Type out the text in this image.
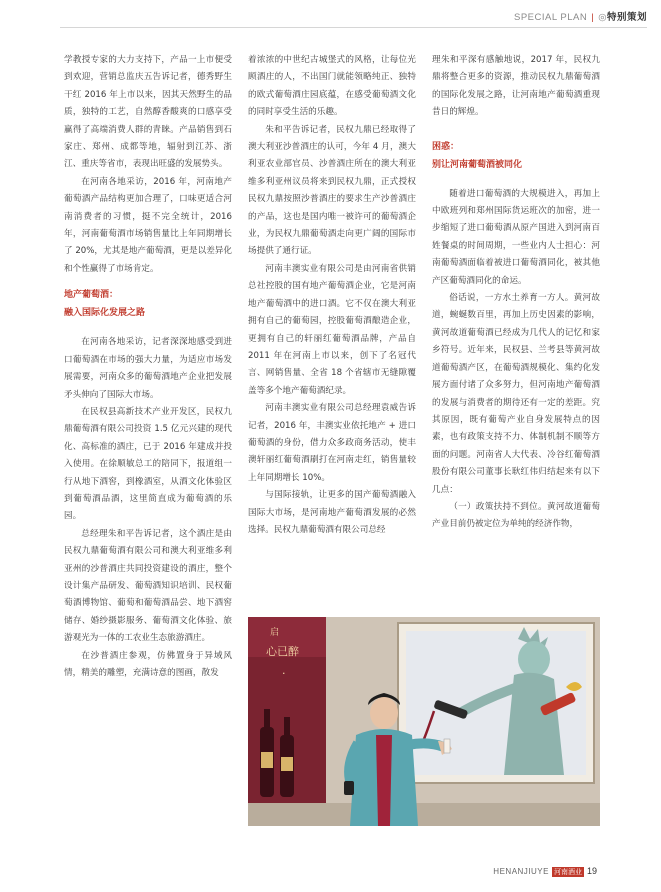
SPECIAL PLAN | ◎特别策划

学教授专家的大力支持下，产品一上市便受到欢迎，营销总监庆五告诉记者，德秀野生干红 2016 年上市以来，因其天然野生的品质，独特的工艺，自然醇香酸爽的口感享受赢得了高端消费人群的青睐。产品销售到石家庄、郑州、成都等地，辐射到江苏、浙江、重庆等省市，表现出旺盛的发展势头。

在河南各地采访，2016 年，河南地产葡萄酒产品结构更加合理了，口味更适合河南消费者的习惯，挺不完全统计，2016 年，河南葡萄酒市场销售量比上年同期增长了 20%，尤其是地产葡萄酒，更是以差异化和个性赢得了市场肯定。

地产葡萄酒：
融入国际化发展之路

在河南各地采访，记者深深地感受到进口葡萄酒在市场的强大力量，为适应市场发展需要，河南众多的葡萄酒地产企业把发展矛头伸向了国际大市场。

在民权县高新技术产业开发区，民权九鼎葡萄酒有限公司投资 1.5 亿元兴建的现代化、高标准的酒庄，已于 2016 年建成并投入使用。在徐顺敏总工的陪同下，报道组一行从地下酒窖，到橡酒室，从酒文化体验区到葡萄酒品酒，这里简直成为葡萄酒的乐园。

总经理朱和平告诉记者，这个酒庄是由民权九鼎葡萄酒有限公司和澳大利亚维多利亚州的沙普酒庄共同投资建设的酒庄，整个设计集产品研发、葡萄酒知识培训、民权葡萄酒博物馆、葡萄和葡萄酒品尝、地下酒窖储存、婚纱摄影服务、葡萄酒文化体验、旅游观光为一体的工农业生态旅游酒庄。

在沙普酒庄参观，仿佛置身于异域风情，精美的雕塑，充满诗意的图画，散发

着浓浓的中世纪古城堡式的风格，让每位光顾酒庄的人，不出国门就能领略纯正、独特的欧式葡萄酒庄园底蕴，在感受葡萄酒文化的同时享受生活的乐趣。

朱和平告诉记者，民权九鼎已经取得了澳大利亚沙普酒庄的认可，今年 4 月，澳大利亚农业部官员、沙普酒庄所在的澳大利亚维多利亚州议员将来到民权九鼎，正式授权民权九鼎按照沙普酒庄的要求生产沙普酒庄的产品，这也是国内唯一被许可的葡萄酒企业，为民权九鼎葡萄酒走向更广阔的国际市场提供了通行证。

河南丰澳实业有限公司是由河南省供销总社控股的国有地产葡萄酒企业，它是河南地产葡萄酒中的进口酒。它不仅在澳大利亚拥有自己的葡萄园，控股葡萄酒酿造企业，更拥有自己的轩丽红葡萄酒品牌，产品自 2011 年在河南上市以来，创下了名冠代言、网销售量、全省 18 个省辖市无缝隙覆盖等多个地产葡萄酒纪录。

河南丰澳实业有限公司总经理袁威告诉记者，2016 年，丰澳实业依托地产 + 进口葡萄酒的身份，借力众多政商务活动，使丰澳轩丽红葡萄酒刷打在河南走红，销售量较上年同期增长 10%。

与国际接轨，让更多的国产葡萄酒融入国际大市场，是河南地产葡萄酒发展的必然选择。民权九鼎葡萄酒有限公司总经

理朱和平深有感触地说，2017 年，民权九鼎将整合更多的资源，推动民权九鼎葡萄酒的国际化发展之路，让河南地产葡萄酒重现昔日的辉煌。

困惑：
别让河南葡萄酒被同化

随着进口葡萄酒的大规模进入，再加上中欧班列和郑州国际货运班次的加密，进一步缩短了进口葡萄酒从原产国进入到河南百姓餐桌的时间周期，一些业内人士担心：河南葡萄酒面临着被进口葡萄酒同化，被其他产区葡萄酒同化的命运。

俗话说，一方水土养育一方人。黄河故道，蜿蜒数百里，再加上历史因素的影响，黄河故道葡萄酒已经成为几代人的记忆和家乡符号。近年来，民权县、兰考县等黄河故道葡萄酒产区，在葡萄酒规模化、集约化发展方面付诸了众多努力，但河南地产葡萄酒的发展与消费者的期待还有一定的差距。究其原因，既有葡萄产业自身发展特点的因素，也有政策支持不力、体制机制不顺等方面的问题。河南省人大代表、冷谷红葡萄酒股份有限公司董事长耿红伟归结起来有以下几点：

（一）政策扶持不到位。黄河故道葡萄产业目前仍被定位为单纯的经济作物，

启
心已醉
·
HENANJIUYE 河南酒业 19
